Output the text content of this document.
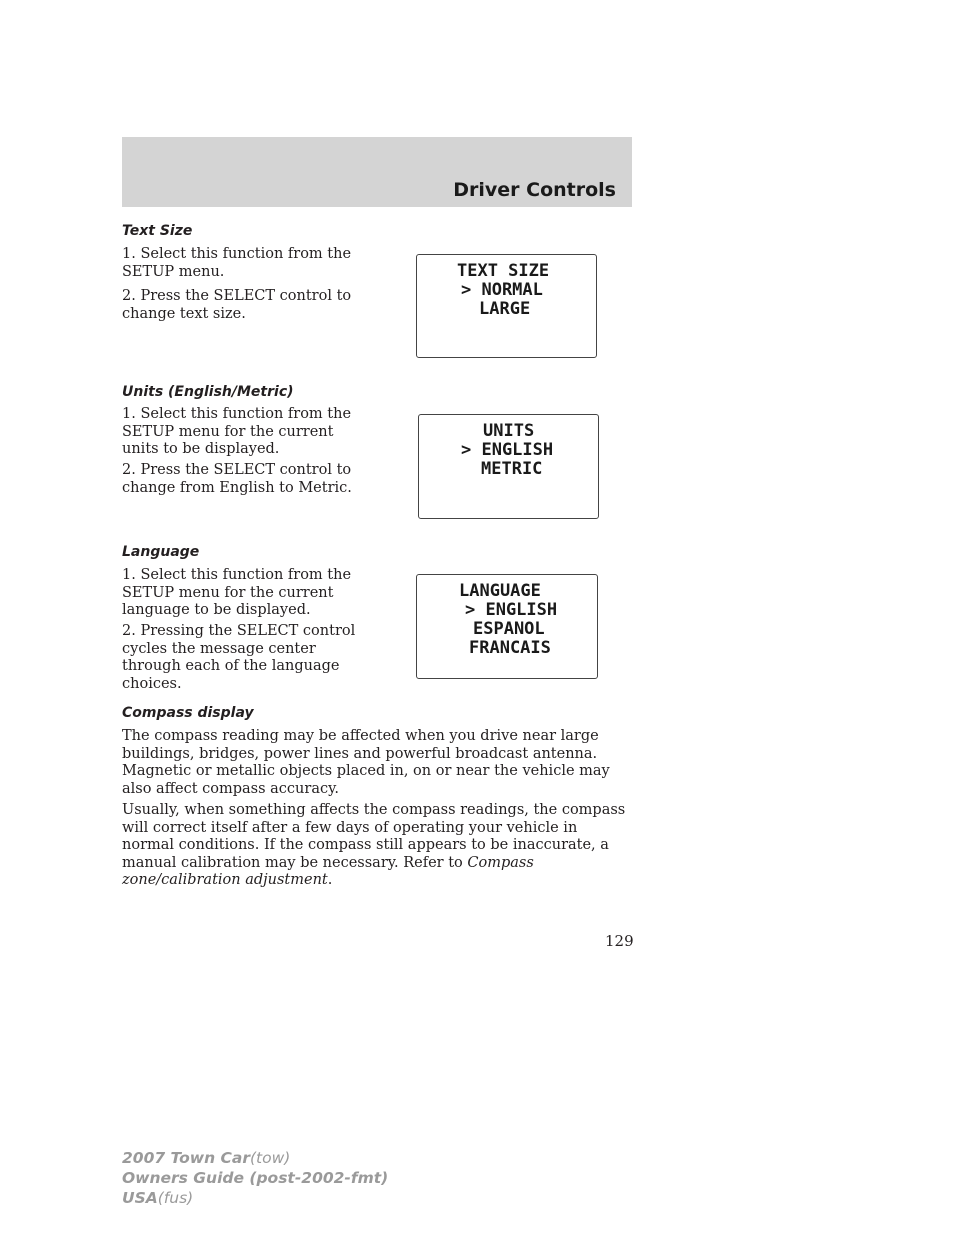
Driver Controls
Text Size

1. Select this function from the SETUP menu.

2. Press the SELECT control to change text size.

TEXT SIZE
> NORMAL
LARGE
Units (English/Metric)

1. Select this function from the SETUP menu for the current units to be displayed.

2. Press the SELECT control to change from English to Metric.

UNITS
> ENGLISH
METRIC
Language

1. Select this function from the SETUP menu for the current language to be displayed.

2. Pressing the SELECT control cycles the message center through each of the language choices.

LANGUAGE
> ENGLISH
ESPANOL
FRANCAIS
Compass display

The compass reading may be affected when you drive near large buildings, bridges, power lines and powerful broadcast antenna. Magnetic or metallic objects placed in, on or near the vehicle may also affect compass accuracy.

Usually, when something affects the compass readings, the compass will correct itself after a few days of operating your vehicle in normal conditions. If the compass still appears to be inaccurate, a manual calibration may be necessary. Refer to Compass zone/calibration adjustment.

129
2007 Town Car(tow)
Owners Guide (post-2002-fmt)
USA(fus)
